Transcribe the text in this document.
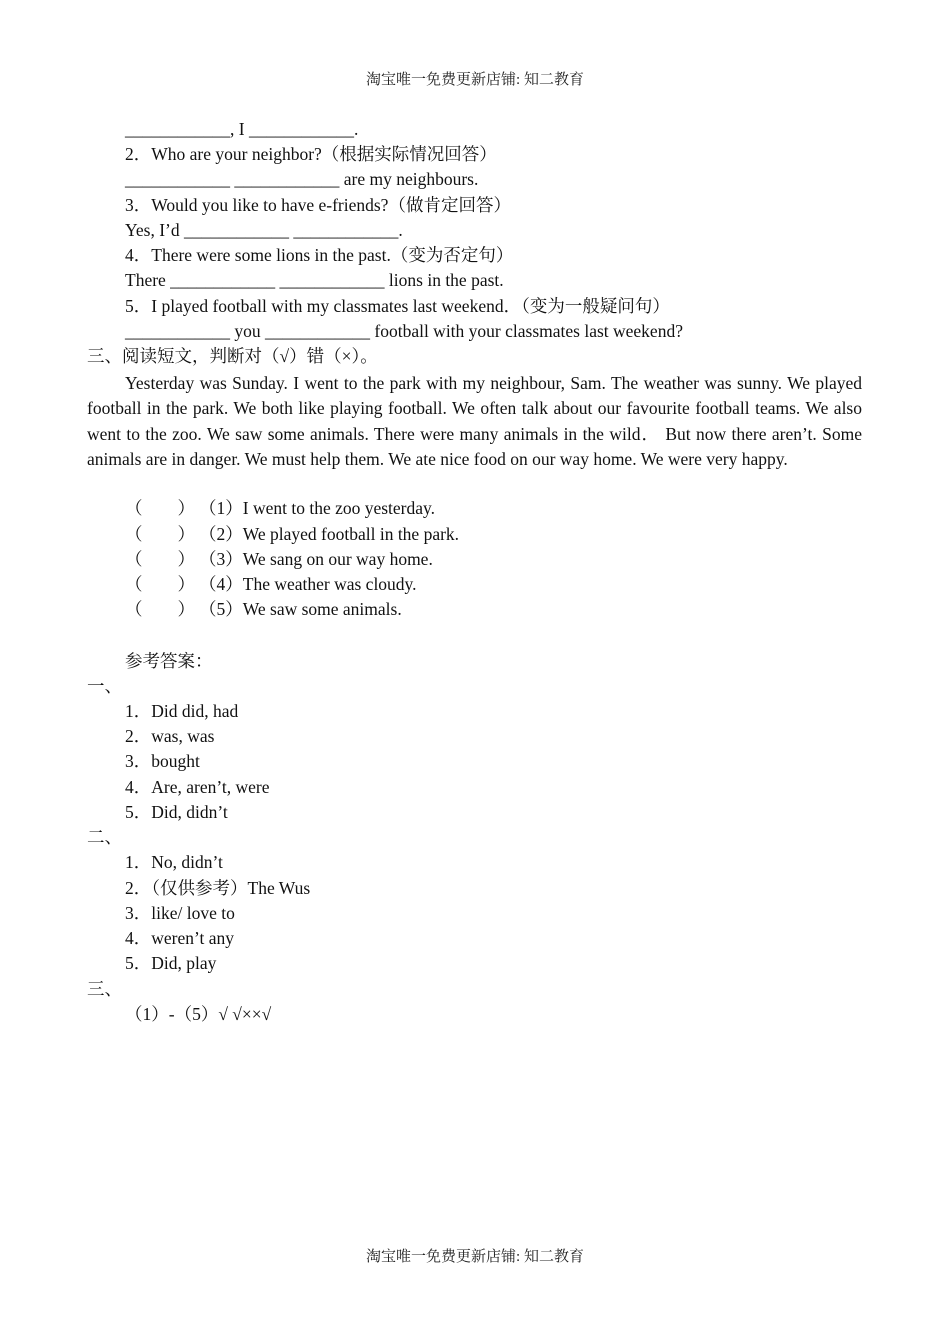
淘宝唯一免费更新店铺: 知二教育
____________, I ____________.
2．Who are your neighbor?（根据实际情况回答）
____________ ____________ are my neighbours.
3．Would you like to have e-friends?（做肯定回答）
Yes, I’d ____________ ____________.
4．There were some lions in the past.（变为否定句）
There ____________ ____________ lions in the past.
5．I played football with my classmates last weekend．（变为一般疑问句）
____________ you ____________ football with your classmates last weekend?
三、阅读短文，判断对（√）错（×）。
Yesterday was Sunday. I went to the park with my neighbour, Sam. The weather was sunny. We played football in the park. We both like playing football. We often talk about our favourite football teams. We also went to the zoo. We saw some animals. There were many animals in the wild． But now there aren’t. Some animals are in danger. We must help them. We ate nice food on our way home. We were very happy.
（　　） （1）I went to the zoo yesterday.
（　　） （2）We played football in the park.
（　　） （3）We sang on our way home.
（　　） （4）The weather was cloudy.
（　　） （5）We saw some animals.
参考答案：
一、
1．Did did, had
2．was, was
3．bought
4．Are, aren’t, were
5．Did, didn’t
二、
1．No, didn’t
2．（仅供参考）The Wus
3．like/ love to
4．weren’t any
5．Did, play
三、
（1）-（5）√ √××√
淘宝唯一免费更新店铺: 知二教育
